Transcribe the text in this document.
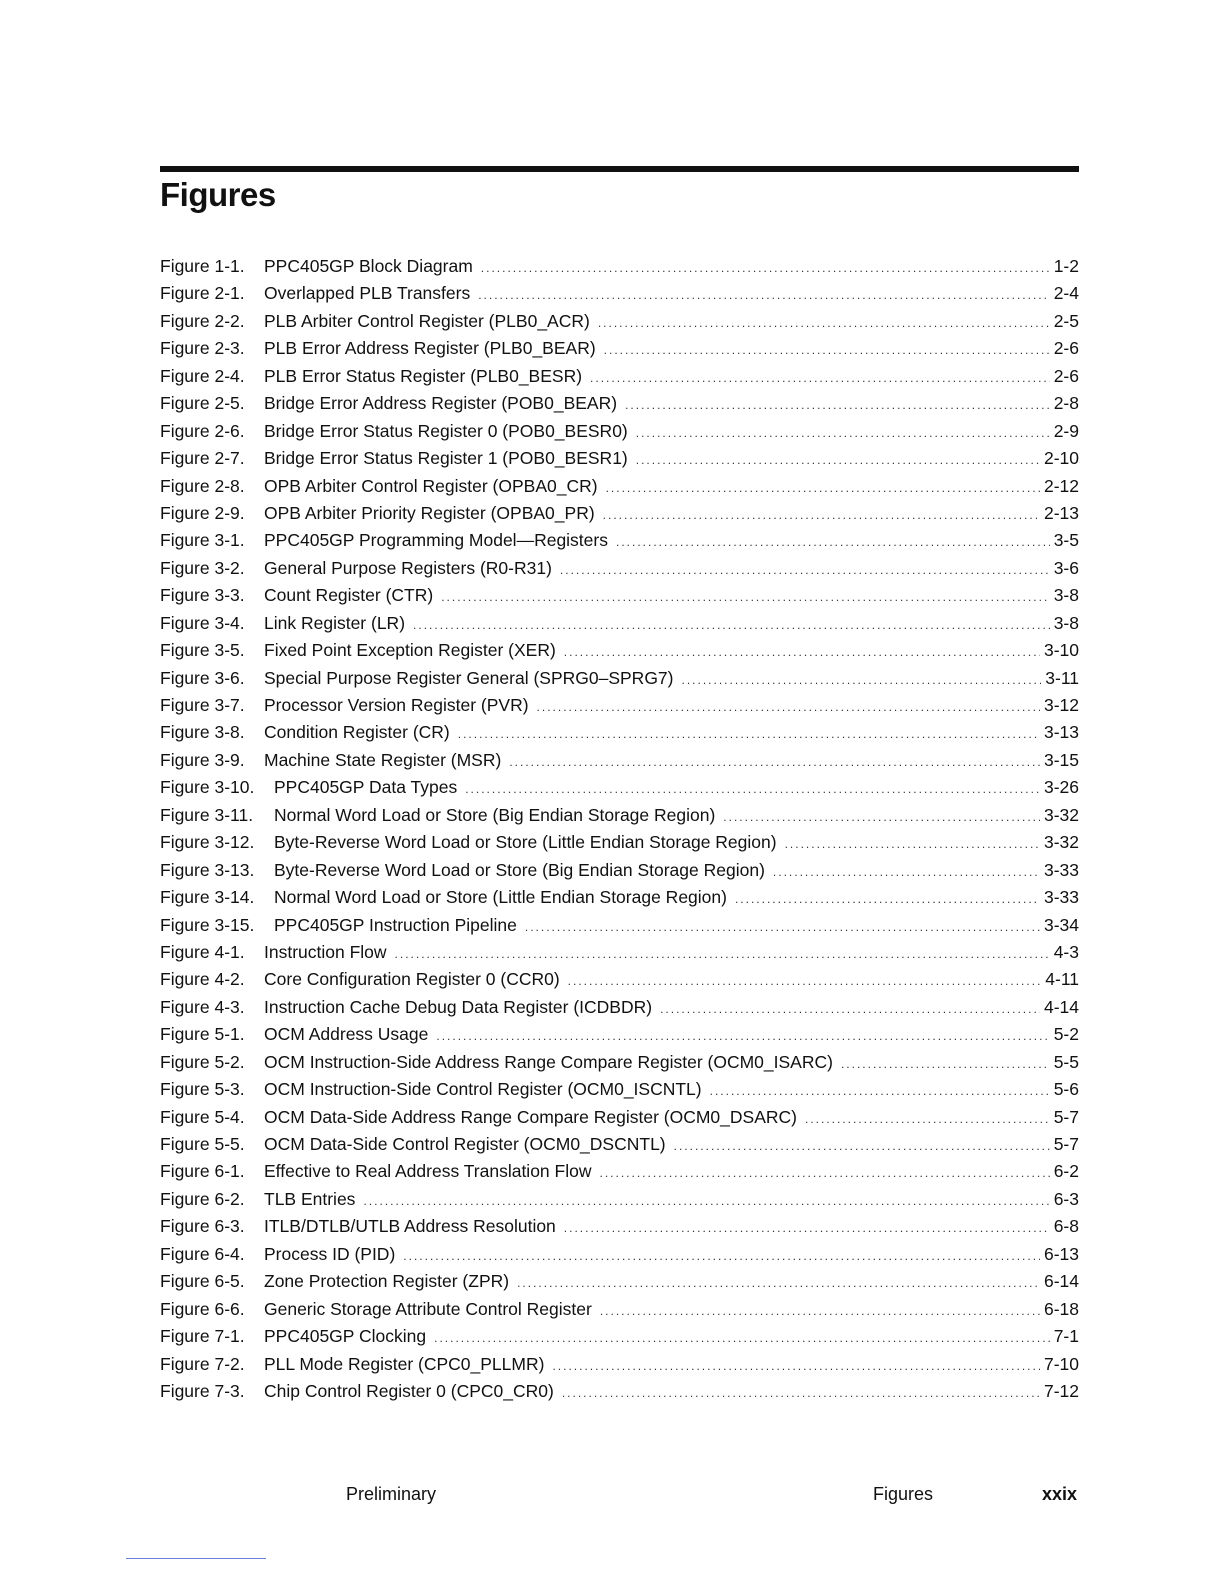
Figures
Figure 1-1.	PPC405GP Block Diagram .....	1-2
Figure 2-1.	Overlapped PLB Transfers .....	2-4
Figure 2-2.	PLB Arbiter Control Register (PLB0_ACR) .....	2-5
Figure 2-3.	PLB Error Address Register (PLB0_BEAR) .....	2-6
Figure 2-4.	PLB Error Status Register (PLB0_BESR) .....	2-6
Figure 2-5.	Bridge Error Address Register (POB0_BEAR) .....	2-8
Figure 2-6.	Bridge Error Status Register 0 (POB0_BESR0) .....	2-9
Figure 2-7.	Bridge Error Status Register 1 (POB0_BESR1) .....	2-10
Figure 2-8.	OPB Arbiter Control Register (OPBA0_CR) .....	2-12
Figure 2-9.	OPB Arbiter Priority Register (OPBA0_PR) .....	2-13
Figure 3-1.	PPC405GP Programming Model—Registers .....	3-5
Figure 3-2.	General Purpose Registers (R0-R31) .....	3-6
Figure 3-3.	Count Register (CTR) .....	3-8
Figure 3-4.	Link Register (LR) .....	3-8
Figure 3-5.	Fixed Point Exception Register (XER) .....	3-10
Figure 3-6.	Special Purpose Register General (SPRG0–SPRG7) .....	3-11
Figure 3-7.	Processor Version Register (PVR) .....	3-12
Figure 3-8.	Condition Register (CR) .....	3-13
Figure 3-9.	Machine State Register (MSR) .....	3-15
Figure 3-10.	PPC405GP Data Types .....	3-26
Figure 3-11.	Normal Word Load or Store (Big Endian Storage Region) .....	3-32
Figure 3-12.	Byte-Reverse Word Load or Store (Little Endian Storage Region) .....	3-32
Figure 3-13.	Byte-Reverse Word Load or Store (Big Endian Storage Region) .....	3-33
Figure 3-14.	Normal Word Load or Store (Little Endian Storage Region) .....	3-33
Figure 3-15.	PPC405GP Instruction Pipeline .....	3-34
Figure 4-1.	Instruction Flow .....	4-3
Figure 4-2.	Core Configuration Register 0 (CCR0) .....	4-11
Figure 4-3.	Instruction Cache Debug Data Register (ICDBDR) .....	4-14
Figure 5-1.	OCM Address Usage .....	5-2
Figure 5-2.	OCM Instruction-Side Address Range Compare Register (OCM0_ISARC) .....	5-5
Figure 5-3.	OCM Instruction-Side Control Register (OCM0_ISCNTL) .....	5-6
Figure 5-4.	OCM Data-Side Address Range Compare Register (OCM0_DSARC) .....	5-7
Figure 5-5.	OCM Data-Side Control Register (OCM0_DSCNTL) .....	5-7
Figure 6-1.	Effective to Real Address Translation Flow .....	6-2
Figure 6-2.	TLB Entries .....	6-3
Figure 6-3.	ITLB/DTLB/UTLB Address Resolution .....	6-8
Figure 6-4.	Process ID (PID) .....	6-13
Figure 6-5.	Zone Protection Register (ZPR) .....	6-14
Figure 6-6.	Generic Storage Attribute Control Register .....	6-18
Figure 7-1.	PPC405GP Clocking .....	7-1
Figure 7-2.	PLL Mode Register (CPC0_PLLMR) .....	7-10
Figure 7-3.	Chip Control Register 0 (CPC0_CR0) .....	7-12
Preliminary	Figures	xxix
